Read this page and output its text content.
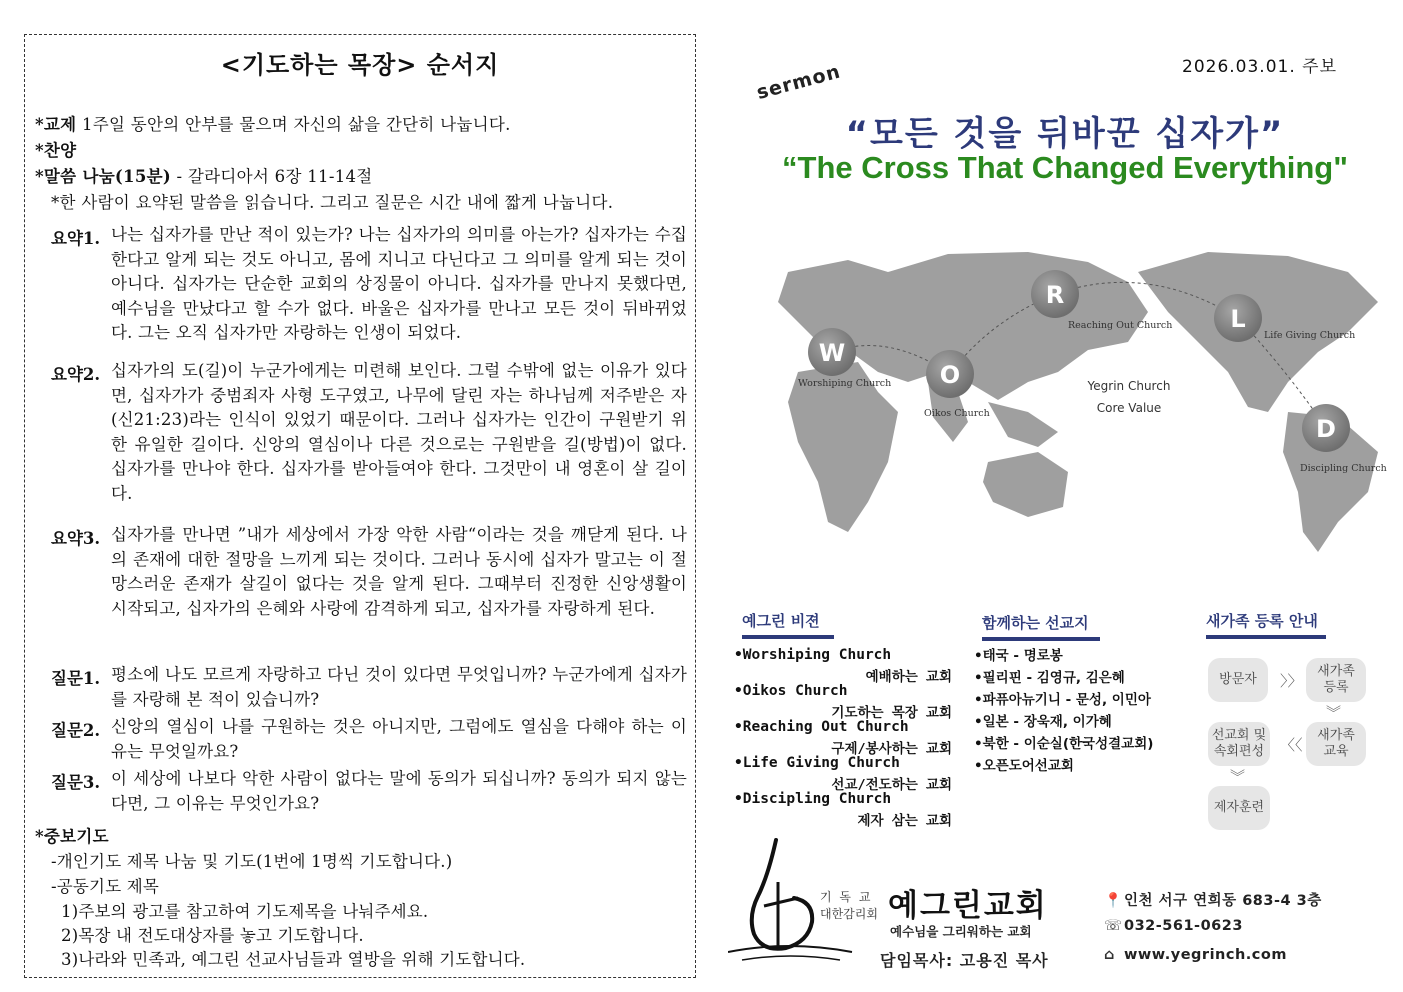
<기도하는 목장> 순서지
*교제 1주일 동안의 안부를 물으며 자신의 삶을 간단히 나눕니다.
*찬양
*말씀 나눔(15분) - 갈라디아서 6장 11-14절
*한 사람이 요약된 말씀을 읽습니다. 그리고 질문은 시간 내에 짧게 나눕니다.
요약1. 나는 십자가를 만난 적이 있는가? 나는 십자가의 의미를 아는가? 십자가는 수집한다고 알게 되는 것도 아니고, 몸에 지니고 다닌다고 그 의미를 알게 되는 것이 아니다. 십자가는 단순한 교회의 상징물이 아니다. 십자가를 만나지 못했다면, 예수님을 만났다고 할 수가 없다. 바울은 십자가를 만나고 모든 것이 뒤바뀌었다. 그는 오직 십자가만 자랑하는 인생이 되었다.
요약2. 십자가의 도(길)이 누군가에게는 미련해 보인다. 그럴 수밖에 없는 이유가 있다면, 십자가가 중범죄자 사형 도구였고, 나무에 달린 자는 하나님께 저주받은 자(신21:23)라는 인식이 있었기 때문이다. 그러나 십자가는 인간이 구원받기 위한 유일한 길이다. 신앙의 열심이나 다른 것으로는 구원받을 길(방법)이 없다. 십자가를 만나야 한다. 십자가를 받아들여야 한다. 그것만이 내 영혼이 살 길이다.
요약3. 십자가를 만나면 ”내가 세상에서 가장 악한 사람“이라는 것을 깨닫게 된다. 나의 존재에 대한 절망을 느끼게 되는 것이다. 그러나 동시에 십자가 말고는 이 절망스러운 존재가 살길이 없다는 것을 알게 된다. 그때부터 진정한 신앙생활이 시작되고, 십자가의 은혜와 사랑에 감격하게 되고, 십자가를 자랑하게 된다.
질문1. 평소에 나도 모르게 자랑하고 다닌 것이 있다면 무엇입니까? 누군가에게 십자가를 자랑해 본 적이 있습니까?
질문2. 신앙의 열심이 나를 구원하는 것은 아니지만, 그럼에도 열심을 다해야 하는 이유는 무엇일까요?
질문3. 이 세상에 나보다 악한 사람이 없다는 말에 동의가 되십니까? 동의가 되지 않는다면, 그 이유는 무엇인가요?
*중보기도
-개인기도 제목 나눔 및 기도(1번에 1명씩 기도합니다.)
-공동기도 제목
1)주보의 광고를 참고하여 기도제목을 나눠주세요.
2)목장 내 전도대상자를 놓고 기도합니다.
3)나라와 민족과, 예그린 선교사님들과 열방을 위해 기도합니다.
2026.03.01. 주보
sermon
“모든 것을 뒤바꾼 십자가”
“The Cross That Changed Everything"
W
O
R
L
D
Worshiping Church
Oikos Church
Reaching Out Church
Life Giving Church
Discipling Church
Yegrin Church
Core Value
예그린 비젼
•Worshiping Church
예배하는 교회
•Oikos Church
기도하는 목장 교회
•Reaching Out Church
구제/봉사하는 교회
•Life Giving Church
선교/전도하는 교회
•Discipling Church
제자 삼는 교회
함께하는 선교지
•태국 - 명로봉
•필리핀 - 김영규, 김은혜
•파퓨아뉴기니 - 문성, 이민아
•일본 - 장욱재, 이가혜
•북한 - 이순실(한국성결교회)
•오픈도어선교회
새가족 등록 안내
방문자	〉〉
새가족
등록
︾
새가족
교육
〈〈
선교회 및
속회편성
︾
제자훈련
기 독 교
대한감리회 예그린교회
예수님을 그리워하는 교회
담임목사: 고용진 목사
📍인천 서구 연희동 683-4 3층
☏032-561-0623
⌂ www.yegrinch.com
